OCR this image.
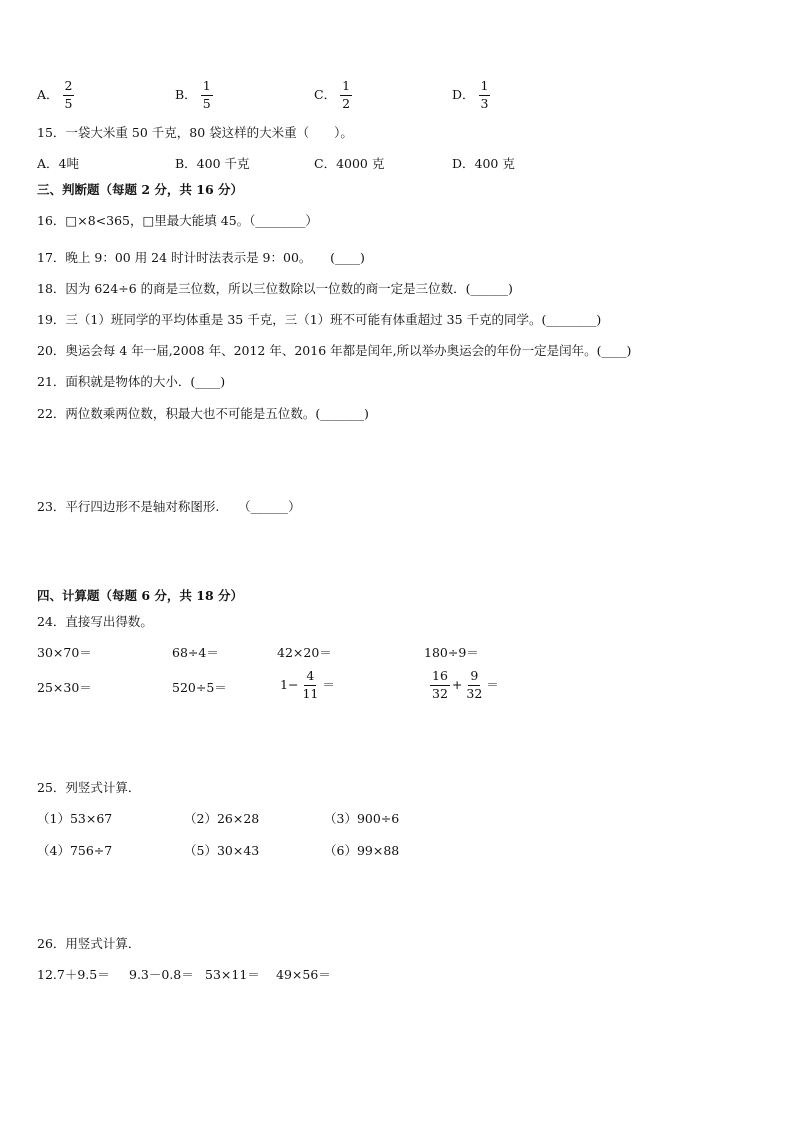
A． $\frac{2}{5}$	B． $\frac{1}{5}$	C． $\frac{1}{2}$	D． $\frac{1}{3}$
15．一袋大米重 50 千克，80 袋这样的大米重（　　）。
A．4吨	B．400 千克	C．4000 克	D．400 克
三、判断题（每题 2 分，共 16 分）
16．□×8<365，□里最大能填 45。（________）
17．晚上 9：00 用 24 时计时法表示是 9：00。　　(____)
18．因为 624÷6 的商是三位数，所以三位数除以一位数的商一定是三位数．(______)
19．三（1）班同学的平均体重是 35 千克，三（1）班不可能有体重超过 35 千克的同学。(________)
20．奥运会每 4 年一届,2008 年、2012 年、2016 年都是闰年,所以举办奥运会的年份一定是闰年。(____)
21．面积就是物体的大小．(____)
22．两位数乘两位数，积最大也不可能是五位数。(_______)
23．平行四边形不是轴对称图形.　　（______）
四、计算题（每题 6 分，共 18 分）
24．直接写出得数。
30×70＝	68÷4＝	42×20＝	180÷9＝
25×30＝	520÷5＝	$1- \frac{4}{11}$ ＝	$\frac{16}{32} + \frac{9}{32}$ ＝
25．列竖式计算．
（1）53×67	（2）26×28	（3）900÷6
（4）756÷7	（5）30×43	（6）99×88
26．用竖式计算．
12.7＋9.5＝ 9.3－0.8＝ 53×11＝ 49×56＝
